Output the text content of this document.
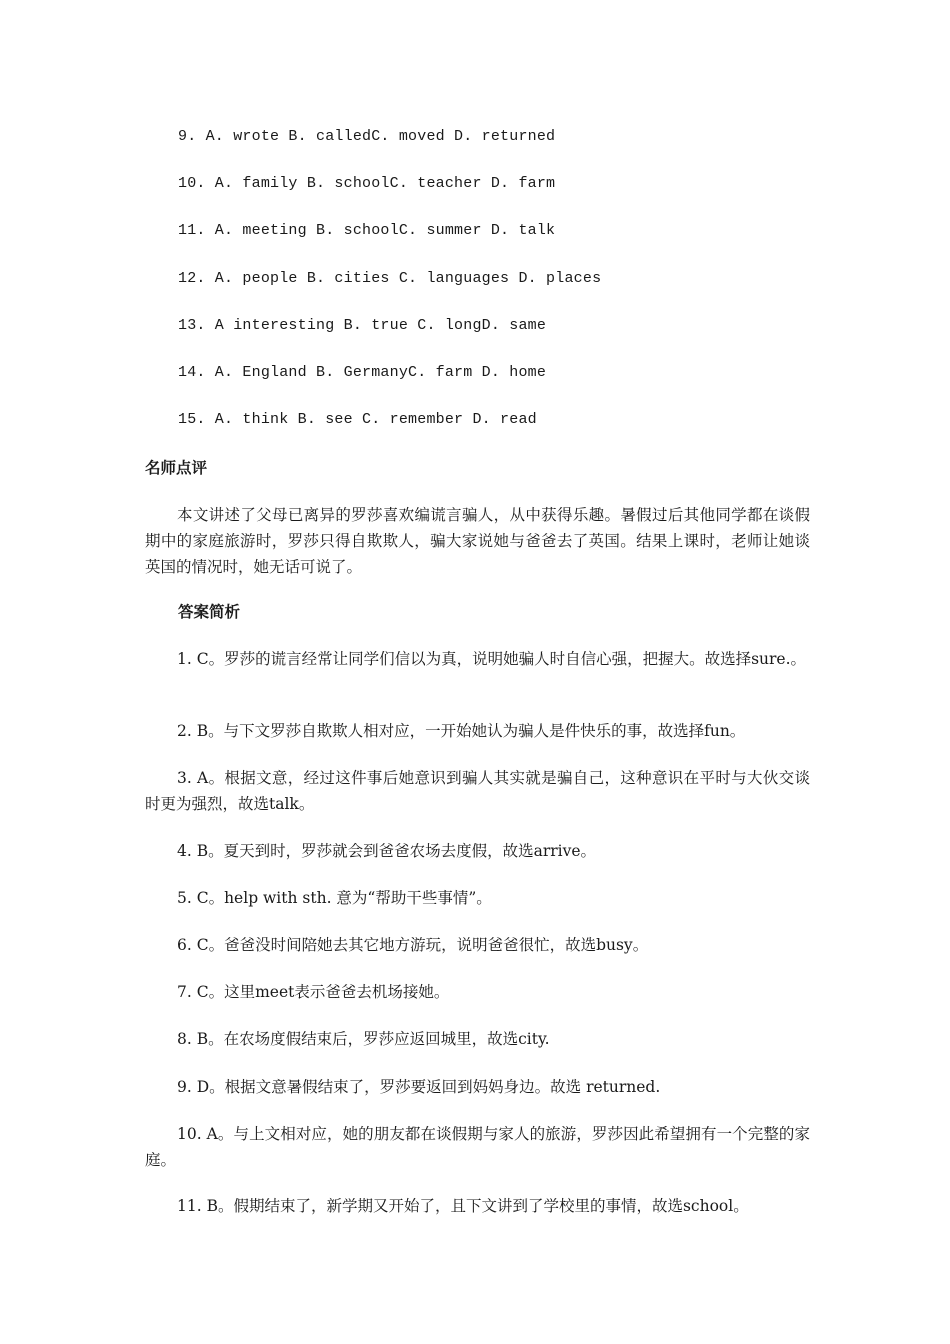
9. A. wrote B. calledC. moved D. returned
10. A. family B. schoolC. teacher D. farm
11. A. meeting B. schoolC. summer D. talk
12. A. people B. cities C. languages D. places
13. A interesting B. true C. longD. same
14. A. England B. GermanyC. farm D. home
15. A. think B. see C. remember D. read
名师点评
本文讲述了父母已离异的罗莎喜欢编谎言骗人，从中获得乐趣。暑假过后其他同学都在谈假期中的家庭旅游时，罗莎只得自欺欺人，骗大家说她与爸爸去了英国。结果上课时，老师让她谈英国的情况时，她无话可说了。
答案简析
1. C。罗莎的谎言经常让同学们信以为真，说明她骗人时自信心强，把握大。故选择sure.。
2. B。与下文罗莎自欺欺人相对应，一开始她认为骗人是件快乐的事，故选择fun。
3. A。根据文意，经过这件事后她意识到骗人其实就是骗自己，这种意识在平时与大伙交谈时更为强烈，故选talk。
4. B。夏天到时，罗莎就会到爸爸农场去度假，故选arrive。
5. C。help with sth. 意为“帮助干些事情”。
6. C。爸爸没时间陪她去其它地方游玩，说明爸爸很忙，故选busy。
7. C。这里meet表示爸爸去机场接她。
8. B。在农场度假结束后，罗莎应返回城里，故选city.
9. D。根据文意暑假结束了，罗莎要返回到妈妈身边。故选 returned.
10. A。与上文相对应，她的朋友都在谈假期与家人的旅游，罗莎因此希望拥有一个完整的家庭。
11. B。假期结束了，新学期又开始了，且下文讲到了学校里的事情，故选school。
